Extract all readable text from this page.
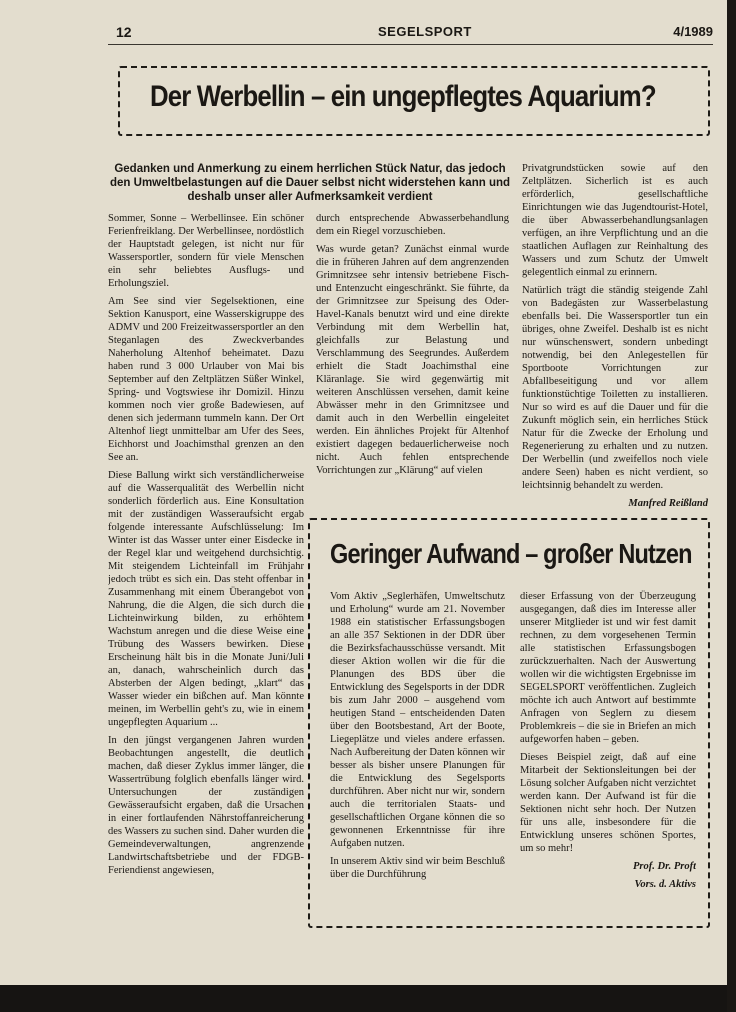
12	SEGELSPORT	4/1989
Der Werbellin – ein ungepflegtes Aquarium?
Gedanken und Anmerkung zu einem herrlichen Stück Natur, das jedoch den Umweltbelastungen auf die Dauer selbst nicht widerstehen kann und deshalb unser aller Aufmerksamkeit verdient

Sommer, Sonne – Werbellinsee. Ein schöner Ferienfreiklang. Der Werbellinsee, nordöstlich der Hauptstadt gelegen, ist nicht nur für Wassersportler, sondern für viele Menschen ein sehr beliebtes Ausflugs- und Erholungsziel.

Am See sind vier Segelsektionen, eine Sektion Kanusport, eine Wasserskigruppe des ADMV und 200 Freizeitwassersportler an den Steganlagen des Zweckverbandes Naherholung Altenhof beheimatet. Dazu haben rund 3 000 Urlauber von Mai bis September auf den Zeltplätzen Süßer Winkel, Spring- und Vogtswiese ihr Domizil. Hinzu kommen noch vier große Badewiesen, auf denen sich jedermann tummeln kann. Der Ort Altenhof liegt unmittelbar am Ufer des Sees, Eichhorst und Joachimsthal grenzen an den See an.

Diese Ballung wirkt sich verständlicherweise auf die Wasserqualität des Werbellin nicht sonderlich förderlich aus. Eine Konsultation mit der zuständigen Wasseraufsicht ergab folgende interessante Aufschlüsselung: Im Winter ist das Wasser unter einer Eisdecke in der Regel klar und weitgehend durchsichtig. Mit steigendem Lichteinfall im Frühjahr jedoch trübt es sich ein. Das steht offenbar in Zusammenhang mit einem Überangebot von Nahrung, die die Algen, die sich durch die Lichteinwirkung bilden, zu erhöhtem Wachstum anregen und die diese Weise eine Trübung des Wassers bewirken. Diese Erscheinung hält bis in die Monate Juni/Juli an, danach, wahrscheinlich durch das Absterben der Algen bedingt, „klart“ das Wasser wieder ein bißchen auf. Man könnte meinen, im Werbellin geht's zu, wie in einem ungepflegten Aquarium ...

In den jüngst vergangenen Jahren wurden Beobachtungen angestellt, die deutlich machen, daß dieser Zyklus immer länger, die Wassertrübung folglich ebenfalls länger wird. Untersuchungen der zuständigen Gewässeraufsicht ergaben, daß die Ursachen in einer fortlaufenden Nährstoffanreicherung des Wassers zu suchen sind. Daher wurden die Gemeindeverwaltungen, angrenzende Landwirtschaftsbetriebe und der FDGB-Feriendienst angewiesen,

durch entsprechende Abwasserbehandlung dem ein Riegel vorzuschieben.

Was wurde getan? Zunächst einmal wurde die in früheren Jahren auf dem angrenzenden Grimnitzsee sehr intensiv betriebene Fisch- und Entenzucht eingeschränkt. Sie führte, da der Grimnitzsee zur Speisung des Oder-Havel-Kanals benutzt wird und eine direkte Verbindung mit dem Werbellin hat, gleichfalls zur Belastung und Verschlammung des Seegrundes. Außerdem erhielt die Stadt Joachimsthal eine Kläranlage. Sie wird gegenwärtig mit weiteren Anschlüssen versehen, damit keine Abwässer mehr in den Grimnitzsee und damit auch in den Werbellin eingeleitet werden. Ein ähnliches Projekt für Altenhof existiert dagegen bedauerlicherweise noch nicht. Auch fehlen entsprechende Vorrichtungen zur „Klärung“ auf vielen

Privatgrundstücken sowie auf den Zeltplätzen. Sicherlich ist es auch erförderlich, gesellschaftliche Einrichtungen wie das Jugendtourist-Hotel, die über Abwasserbehandlungsanlagen verfügen, an ihre Verpflichtung und an die staatlichen Auflagen zur Reinhaltung des Wassers und zum Schutz der Umwelt gelegentlich einmal zu erinnern.

Natürlich trägt die ständig steigende Zahl von Badegästen zur Wasserbelastung ebenfalls bei. Die Wassersportler tun ein übriges, ohne Zweifel. Deshalb ist es nicht nur wünschenswert, sondern unbedingt notwendig, bei den Anlegestellen für Sportboote Vorrichtungen zur Abfallbeseitigung und vor allem funktionstüchtige Toiletten zu installieren. Nur so wird es auf die Dauer und für die Zukunft möglich sein, ein herrliches Stück Natur für die Zwecke der Erholung und Regenerierung zu erhalten und zu nutzen. Der Werbellin (und zweifellos noch viele andere Seen) haben es nicht verdient, so leichtsinnig behandelt zu werden.

Manfred Reißland

Geringer Aufwand – großer Nutzen

Vom Aktiv „Seglerhäfen, Umweltschutz und Erholung“ wurde am 21. November 1988 ein statistischer Erfassungsbogen an alle 357 Sektionen in der DDR über die Bezirksfachausschüsse versandt. Mit dieser Aktion wollen wir die für die Planungen des BDS über die Entwicklung des Segelsports in der DDR bis zum Jahr 2000 – ausgehend vom heutigen Stand – entscheidenden Daten über den Bootsbestand, Art der Boote, Liegeplätze und vieles andere erfassen. Nach Aufbereitung der Daten können wir besser als bisher unsere Planungen für die Entwicklung des Segelsports durchführen. Aber nicht nur wir, sondern auch die territorialen Staats- und gesellschaftlichen Organe können die so gewonnenen Erkenntnisse für ihre Aufgaben nutzen.

In unserem Aktiv sind wir beim Beschluß über die Durchführung

dieser Erfassung von der Überzeugung ausgegangen, daß dies im Interesse aller unserer Mitglieder ist und wir fest damit rechnen, zu dem vorgesehenen Termin alle statistischen Erfassungsbogen zurückzuerhalten. Nach der Auswertung wollen wir die wichtigsten Ergebnisse im SEGELSPORT veröffentlichen. Zugleich möchte ich auch Antwort auf bestimmte Anfragen von Seglern zu diesem Problemkreis – die sie in Briefen an mich aufgeworfen haben – geben.

Dieses Beispiel zeigt, daß auf eine Mitarbeit der Sektionsleitungen bei der Lösung solcher Aufgaben nicht verzichtet werden kann. Der Aufwand ist für die Sektionen nicht sehr hoch. Der Nutzen für uns alle, insbesondere für die Entwicklung unseres schönen Sportes, um so mehr!

Prof. Dr. Proft

Vors. d. Aktivs
